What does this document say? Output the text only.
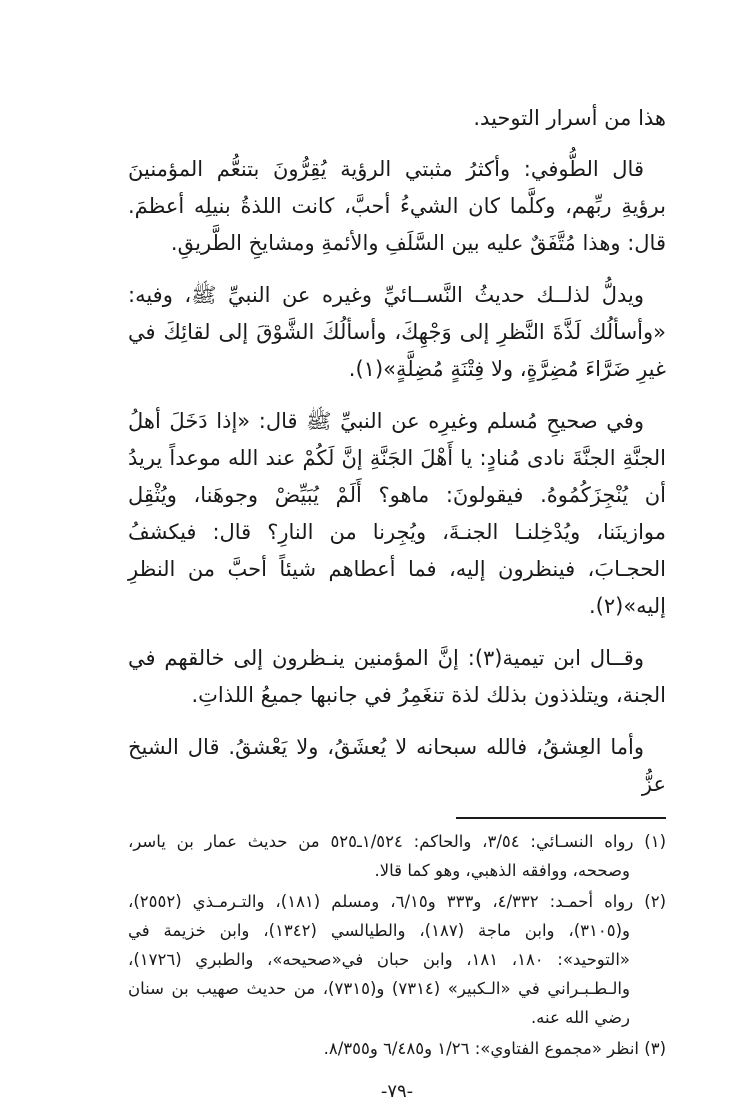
هذا من أسرار التوحيد.
قال الطُّوفي: وأكثرُ مثبتي الرؤية يُقِرُّونَ بتنعُّم المؤمنينَ برؤيةِ ربِّهم، وكلَّما كان الشيءُ أحبَّ، كانت اللذةُ بنيلِه أعظمَ. قال: وهذا مُتَّفَقٌ عليه بين السَّلَفِ والأئمةِ ومشايخِ الطَّريقِ.
ويدلُّ لذلــك حديثُ النَّســائيِّ وغيره عن النبيِّ ﷺ، وفيه: «وأسألُك لَذَّةَ النَّظرِ إلى وَجْهِكَ، وأسألُكَ الشَّوْقَ إلى لقائِكَ في غيرِ ضَرَّاءَ مُضِرَّةٍ، ولا فِتْنَةٍ مُضِلَّةٍ»(١).
وفي صحيحِ مُسلم وغيرِه عن النبيِّ ﷺ قال: «إذا دَخَلَ أهلُ الجنَّةِ الجنَّةَ نادى مُنادٍ: يا أَهْلَ الجَنَّةِ إنَّ لَكُمْ عند الله موعداً يريدُ أن يُنْجِزَكُمُوهُ. فيقولونَ: ماهو؟ أَلَمْ يُبَيِّضْ وجوهَنا، ويُثْقِل موازينَنا، ويُدْخِلنـا الجنـةَ، ويُجِرنا من النارِ؟ قال: فيكشفُ الحجـابَ، فينظرون إليه، فما أعطاهم شيئاً أحبَّ من النظرِ إليه»(٢).
وقــال ابن تيمية(٣): إنَّ المؤمنين ينـظرون إلى خالقهم في الجنة، ويتلذذون بذلك لذة تنغَمِرُ في جانبها جميعُ اللذاتِ.
وأما العِشقُ، فالله سبحانه لا يُعشَقُ، ولا يَعْشقُ. قال الشيخ عزُّ
(١) رواه النسـائي: ٣/٥٤، والحاكم: ١/٥٢٤ـ٥٢٥ من حديث عمار بن ياسر، وصححه، ووافقه الذهبي، وهو كما قالا.
(٢) رواه أحمـد: ٤/٣٣٢، و٣٣٣ و٦/١٥، ومسلم (١٨١)، والتـرمـذي (٢٥٥٢)، و(٣١٠٥)، وابن ماجة (١٨٧)، والطيالسي (١٣٤٢)، وابن خزيمة في «التوحيد»: ١٨٠، ١٨١، وابن حبان في«صحيحه»، والطبري (١٧٢٦)، والـطـبـراني في «الـكبير» (٧٣١٤) و(٧٣١٥)، من حديث صهيب بن سنان رضي الله عنه.
(٣) انظر «مجموع الفتاوي»: ١/٢٦ و٦/٤٨٥ و٨/٣٥٥.
-٧٩-
